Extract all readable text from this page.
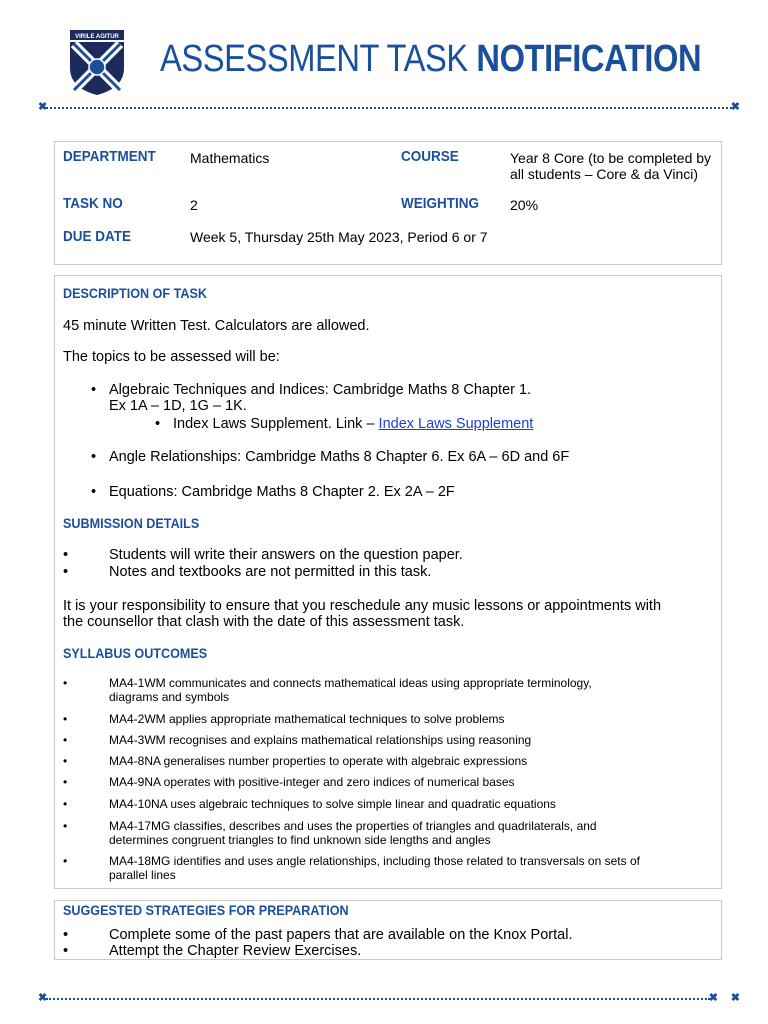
VIRILE AGITUR
ASSESSMENT TASK NOTIFICATION
✖	✖
DEPARTMENT Mathematics	COURSE	Year 8 Core (to be completed by
all students – Core & da Vinci)
TASK NO	2	WEIGHTING 20%
DUE DATE	Week 5, Thursday 25th May 2023, Period 6 or 7
DESCRIPTION OF TASK
45 minute Written Test. Calculators are allowed.
The topics to be assessed will be:
• Algebraic Techniques and Indices: Cambridge Maths 8 Chapter 1.
Ex 1A – 1D, 1G – 1K.
• Index Laws Supplement. Link – Index Laws Supplement
• Angle Relationships: Cambridge Maths 8 Chapter 6. Ex 6A – 6D and 6F
• Equations: Cambridge Maths 8 Chapter 2. Ex 2A – 2F
SUBMISSION DETAILS
•	Students will write their answers on the question paper.
•	Notes and textbooks are not permitted in this task.
It is your responsibility to ensure that you reschedule any music lessons or appointments with
the counsellor that clash with the date of this assessment task.
SYLLABUS OUTCOMES
•	MA4-1WM communicates and connects mathematical ideas using appropriate terminology,
diagrams and symbols
•	MA4-2WM applies appropriate mathematical techniques to solve problems
•	MA4-3WM recognises and explains mathematical relationships using reasoning
•	MA4-8NA generalises number properties to operate with algebraic expressions
•	MA4-9NA operates with positive-integer and zero indices of numerical bases
•	MA4-10NA uses algebraic techniques to solve simple linear and quadratic equations
•	MA4-17MG classifies, describes and uses the properties of triangles and quadrilaterals, and
determines congruent triangles to find unknown side lengths and angles
•	MA4-18MG identifies and uses angle relationships, including those related to transversals on sets of
parallel lines
SUGGESTED STRATEGIES FOR PREPARATION
•	Complete some of the past papers that are available on the Knox Portal.
•	Attempt the Chapter Review Exercises.
✖	✖ ✖
